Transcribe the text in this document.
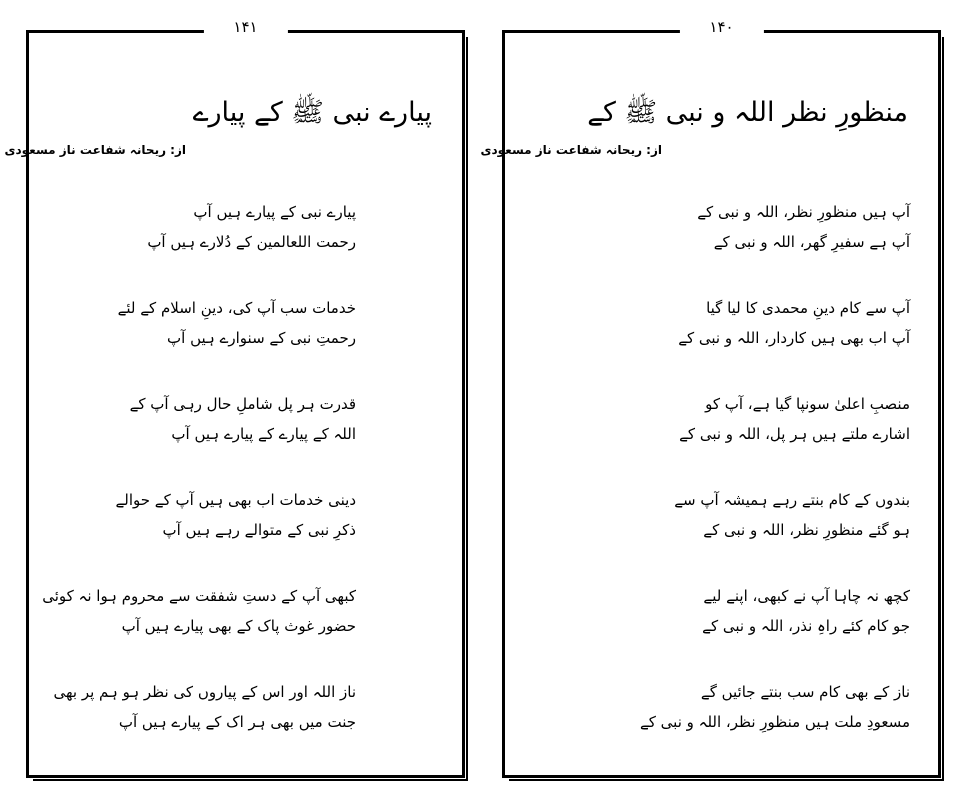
۱۴۱
پیارے نبی ﷺ کے پیارے
از: ریحانہ شفاعت ناز مسعودی
پیارے نبی کے پیارے ہیں آپ
رحمت اللعالمین کے دُلارے ہیں آپ
خدمات سب آپ کی، دینِ اسلام کے لئے
رحمتِ نبی کے سنوارے ہیں آپ
قدرت ہر پل شاملِ حال رہی آپ کے
اللہ کے پیارے کے پیارے ہیں آپ
دینی خدمات اب بھی ہیں آپ کے حوالے
ذکرِ نبی کے متوالے رہے ہیں آپ
کبھی آپ کے دستِ شفقت سے محروم ہوا نہ کوئی
حضور غوث پاک کے بھی پیارے ہیں آپ
ناز اللہ اور اس کے پیاروں کی نظر ہو ہم پر بھی
جنت میں بھی ہر اک کے پیارے ہیں آپ
۱۴۰
منظورِ نظر اللہ و نبی ﷺ کے
از: ریحانہ شفاعت ناز مسعودی
آپ ہیں منظورِ نظر، اللہ و نبی کے
آپ ہے سفیرِ گھر، اللہ و نبی کے
آپ سے کام دینِ محمدی کا لیا گیا
آپ اب بھی ہیں کاردار، اللہ و نبی کے
منصبِ اعلیٰ سونپا گیا ہے، آپ کو
اشارے ملتے ہیں ہر پل، اللہ و نبی کے
بندوں کے کام بنتے رہے ہمیشہ آپ سے
ہو گئے منظورِ نظر، اللہ و نبی کے
کچھ نہ چاہا آپ نے کبھی، اپنے لیے
جو کام کئے راہِ نذر، اللہ و نبی کے
ناز کے بھی کام سب بنتے جائیں گے
مسعودِ ملت ہیں منظورِ نظر، اللہ و نبی کے
